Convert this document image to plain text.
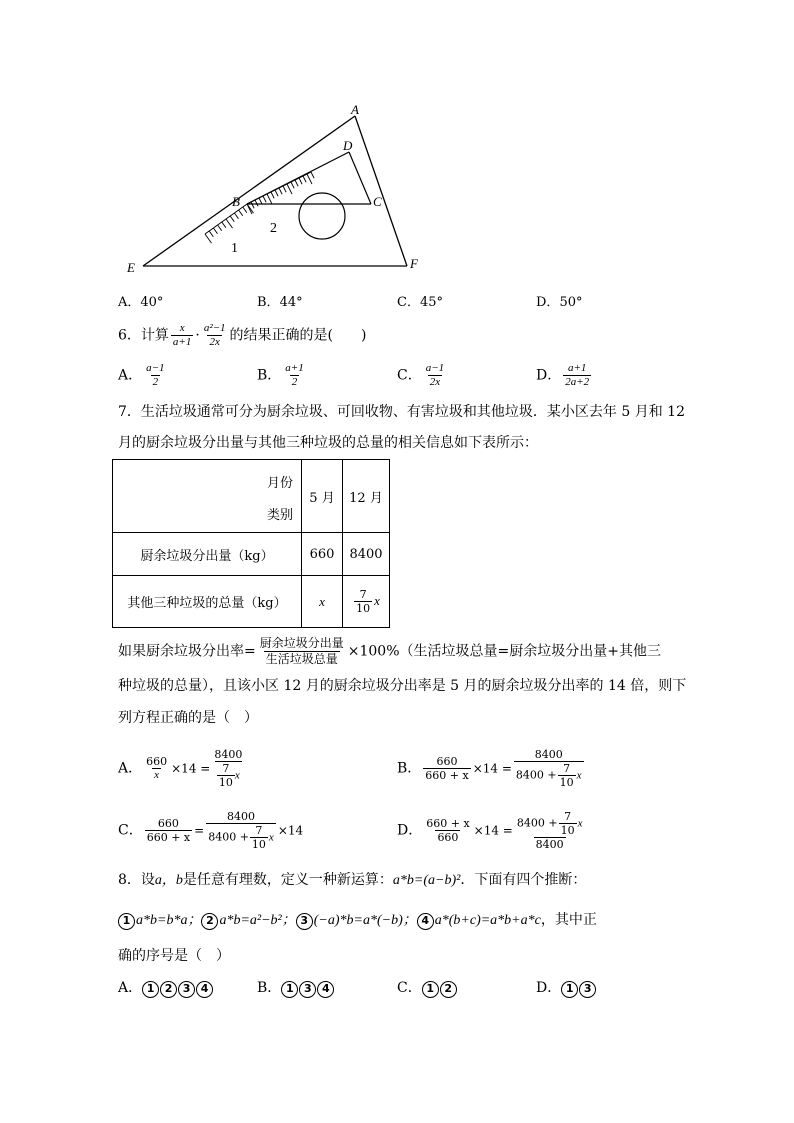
A
D
B	C
E	F
1
2
A．40°	B．44°	C．45°	D．50°
6．计算 $\frac{x}{a+1} \cdot \frac{\text{a²−1}}{2x}$ 的结果正确的是(　　)
A． $\frac{a-1}{2}$	B． $\frac{a+1}{2}$	C． $\frac{a-1}{2x}$	D． $\frac{a+1}{2a+2}$
7．生活垃圾通常可分为厨余垃圾、可回收物、有害垃圾和其他垃圾．某小区去年 5 月和 12
月的厨余垃圾分出量与其他三种垃圾的总量的相关信息如下表所示：
月份
类别	5 月	12 月
厨余垃圾分出量（kg）	660	8400
其他三种垃圾的总量（kg）	x	$\frac{7}{10}$ x
如果厨余垃圾分出率= $\frac{\text{厨余垃圾分出量}}{\text{生活垃圾总量}} \times 100\%$（生活垃圾总量=厨余垃圾分出量+其他三
种垃圾的总量），且该小区 12 月的厨余垃圾分出率是 5 月的厨余垃圾分出率的 14 倍，则下
列方程正确的是（　）
A． $\frac{660}{x} \times 14 = \frac{8400}{\frac{7}{10} x}$	B． $\frac{660}{660 + x} \times 14 = \frac{8400}{8400 + \frac{7}{10} x}$
C． $\frac{660}{660 + x} = \frac{8400}{8400 + \frac{7}{10} x} \times 14$	D． $\frac{660 + x}{660} \times 14 = \frac{8400 + \frac{7}{10} x}{8400}$
8．设a，b是任意有理数，定义一种新运算：a*b=(a−b)²．下面有四个推断：
1 a*b=b*a； 2 a*b=a²−b²； 3 (−a)*b=a*(−b)； 4 a*(b+c)=a*b+a*c，其中正
确的序号是（　）
A． 1 2 3 4	B． 1 3 4	C． 1 2	D． 1 3
